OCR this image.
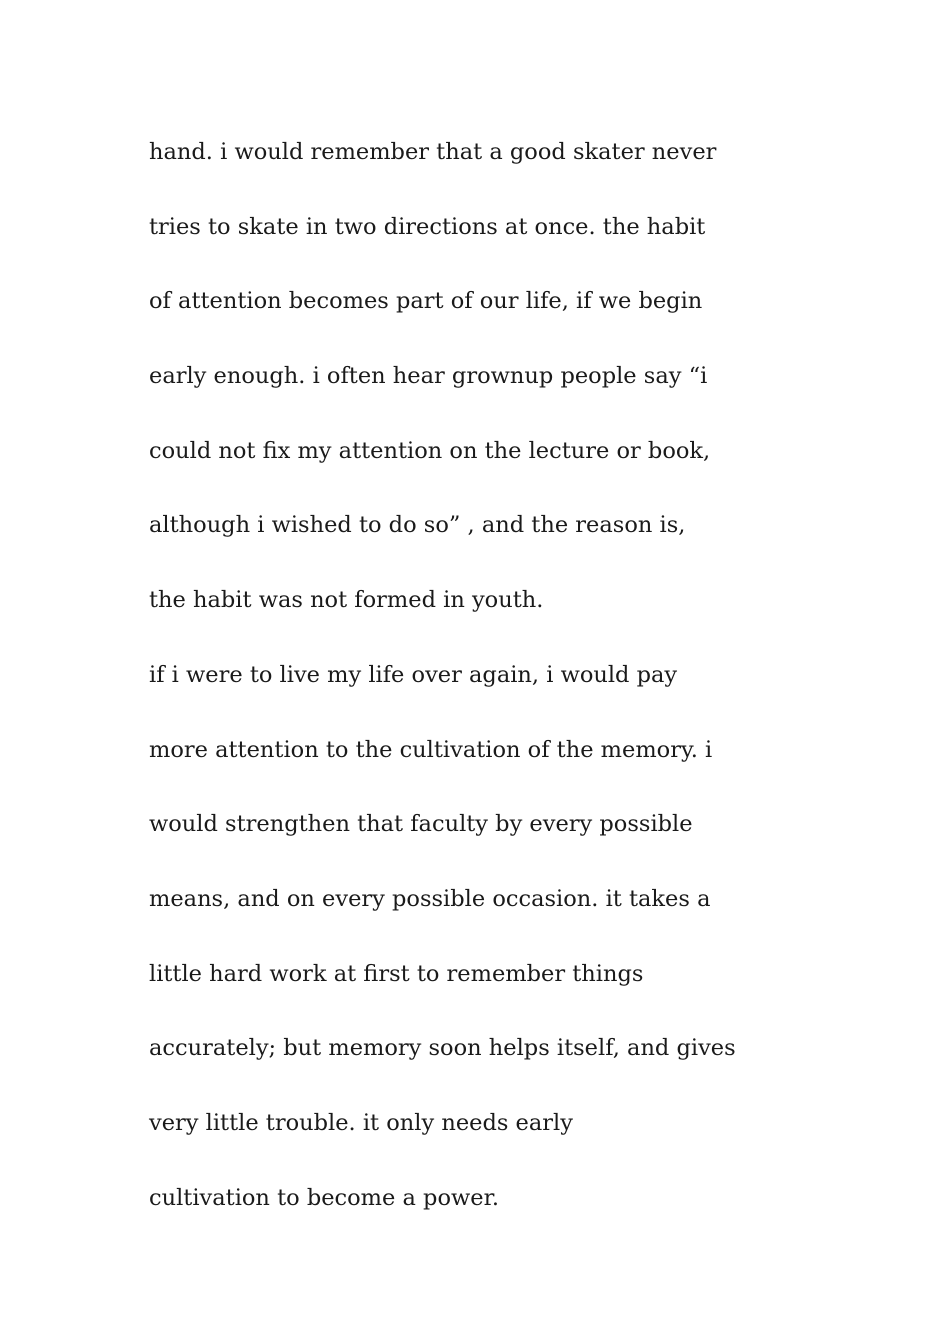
hand. i would remember that a good skater never
tries to skate in two directions at once. the habit
of attention becomes part of our life, if we begin
early enough. i often hear grownup people say “i
could not fix my attention on the lecture or book,
although i wished to do so” , and the reason is,
the habit was not formed in youth.
if i were to live my life over again, i would pay
more attention to the cultivation of the memory. i
would strengthen that faculty by every possible
means, and on every possible occasion. it takes a
little hard work at first to remember things
accurately; but memory soon helps itself, and gives
very little trouble. it only needs early
cultivation to become a power.
